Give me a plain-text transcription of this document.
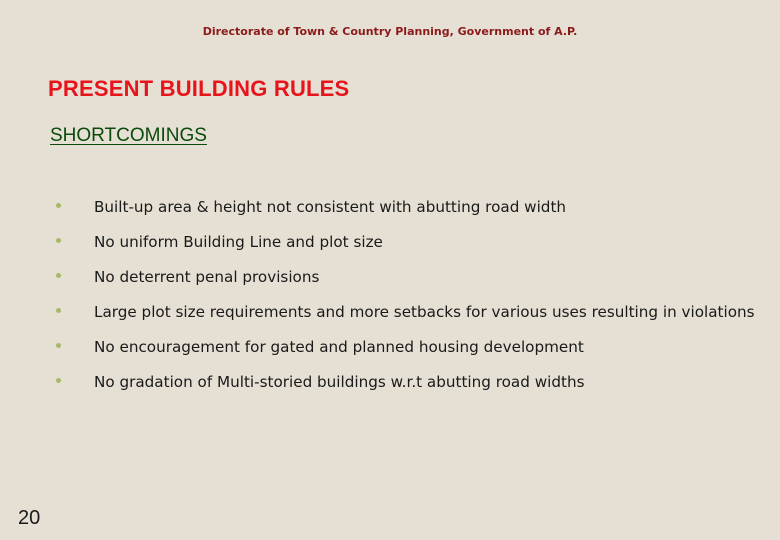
Directorate of Town & Country Planning, Government of A.P.
PRESENT BUILDING RULES
SHORTCOMINGS
Built-up area & height not consistent with abutting road width
No uniform Building Line and plot size
No deterrent penal provisions
Large plot size requirements and more setbacks for various uses resulting in violations
No encouragement for gated and planned housing development
No gradation of Multi-storied buildings w.r.t abutting road widths
20
